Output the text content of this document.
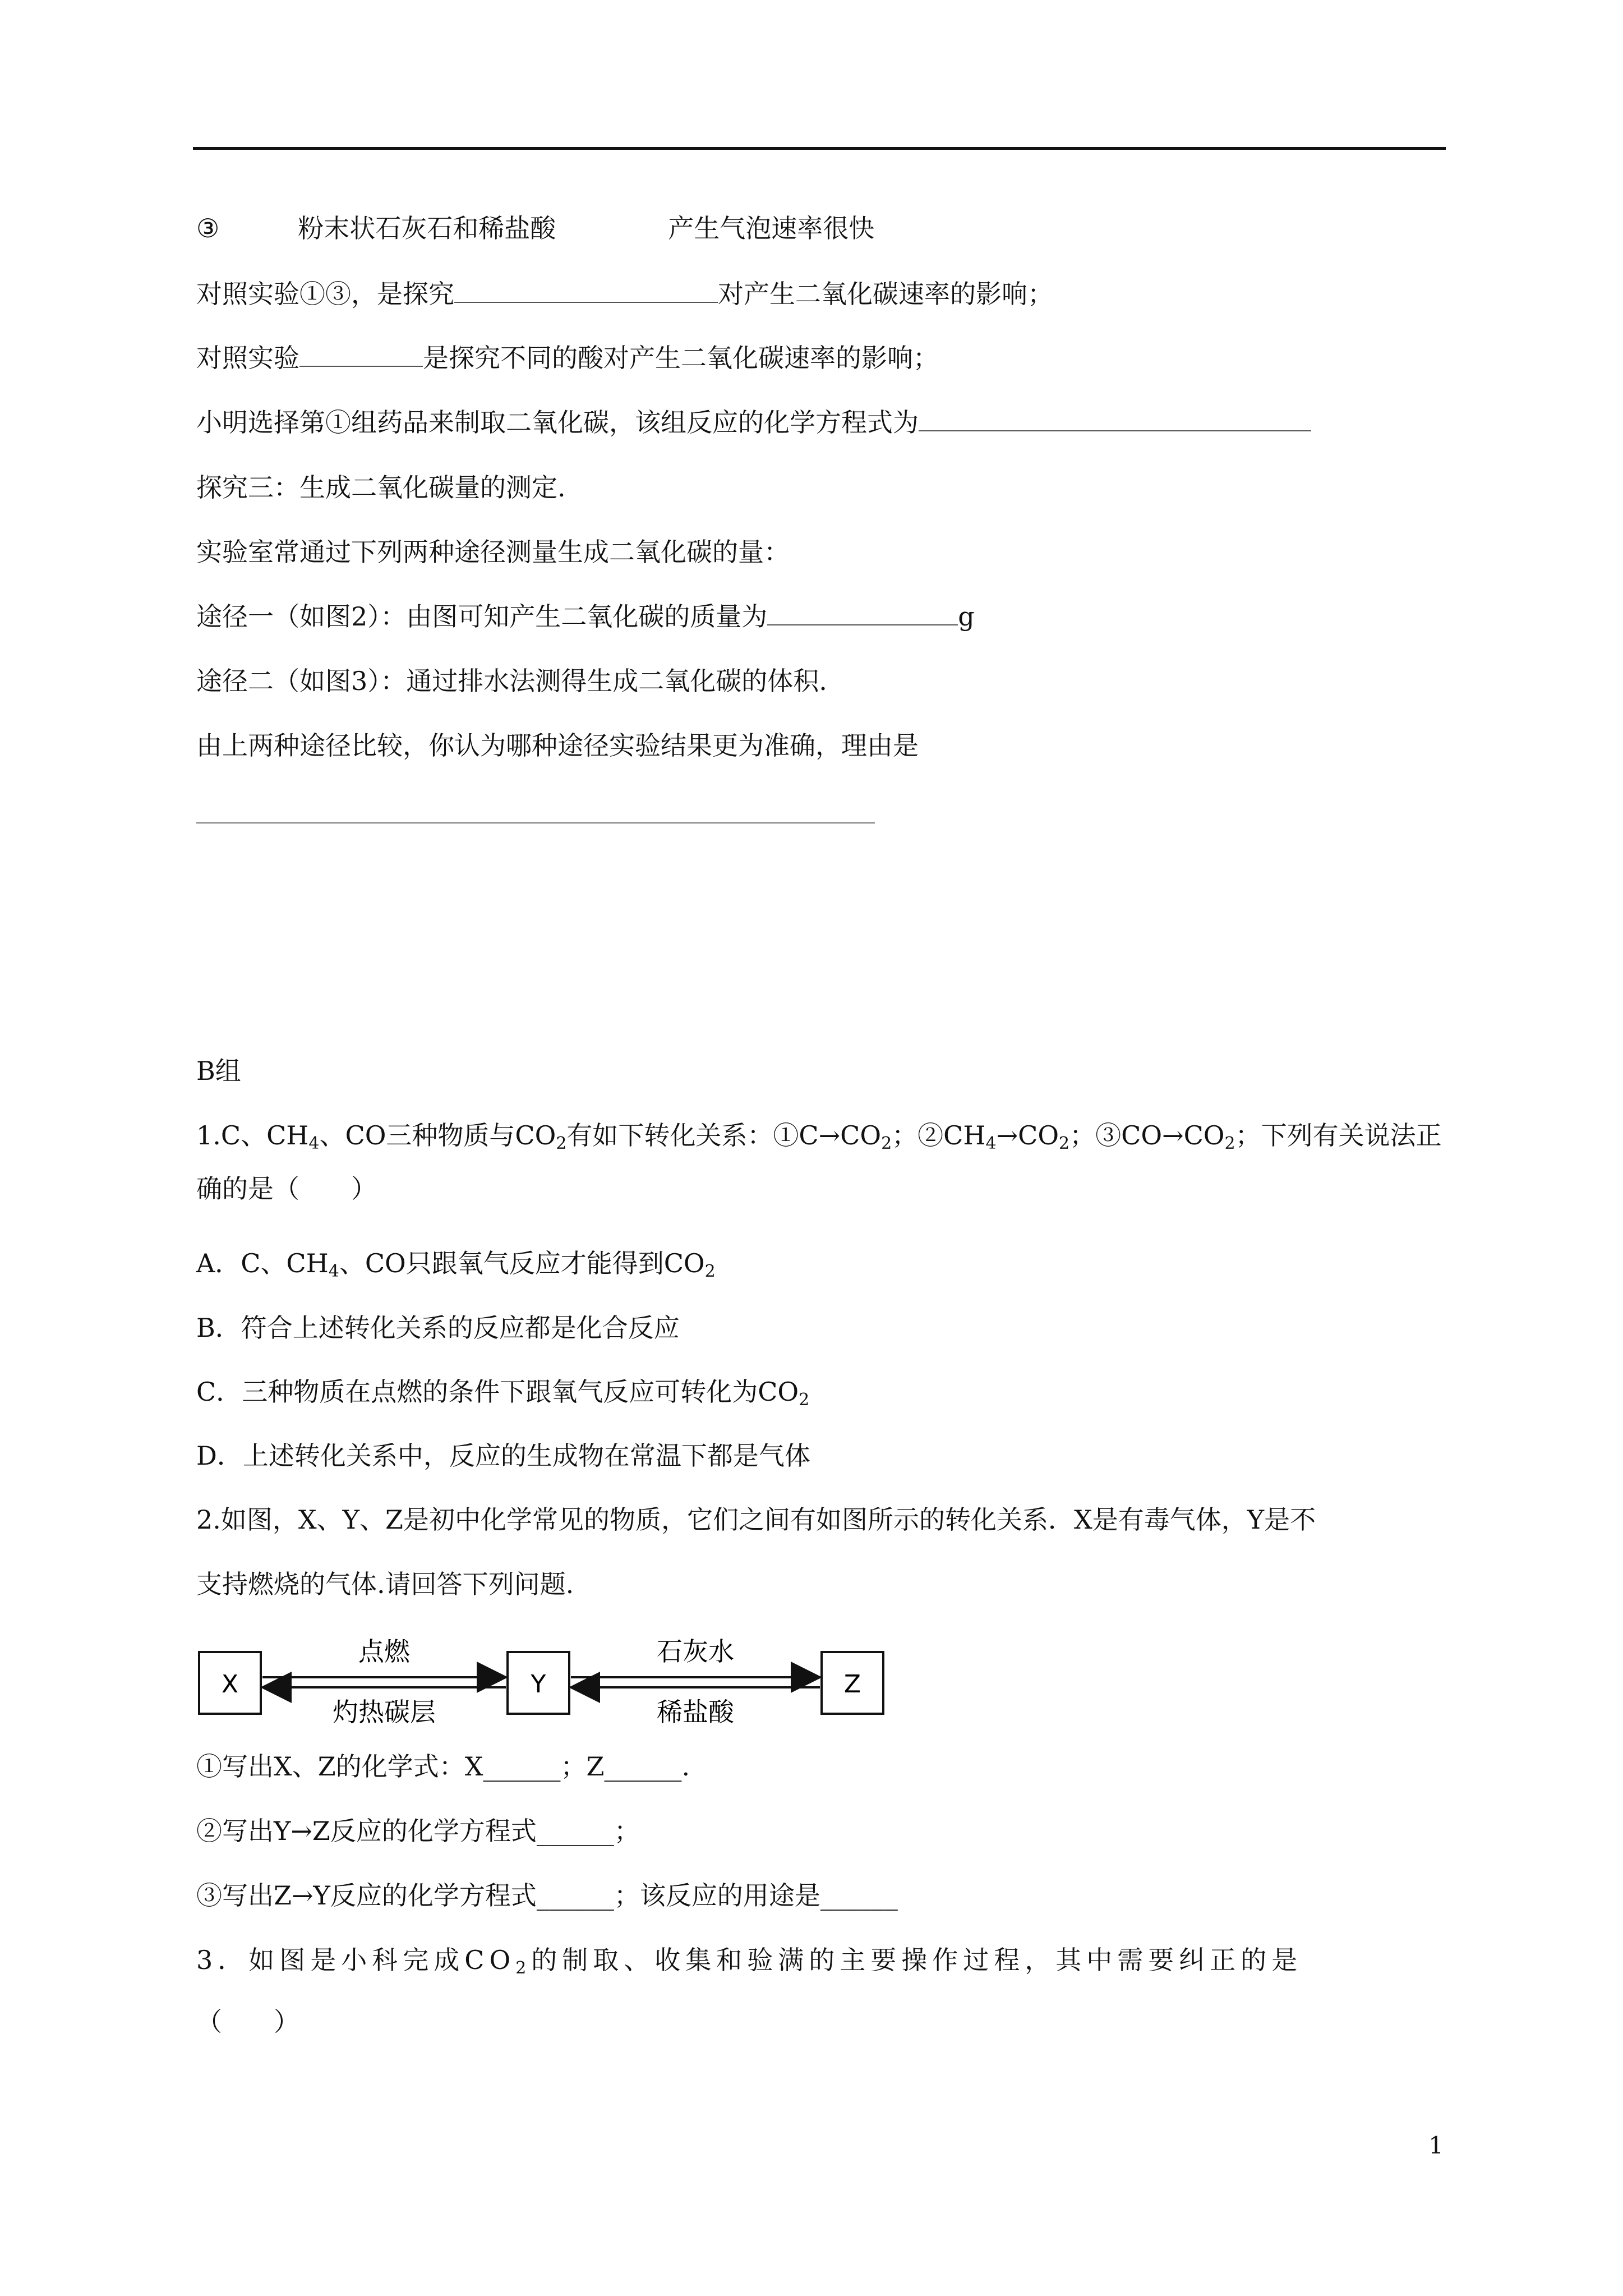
③	粉末状石灰石和稀盐酸	产生气泡速率很快
对照实验①③，是探究	对产生二氧化碳速率的影响；
对照实验	是探究不同的酸对产生二氧化碳速率的影响；
小明选择第①组药品来制取二氧化碳，该组反应的化学方程式为
探究三：生成二氧化碳量的测定.
实验室常通过下列两种途径测量生成二氧化碳的量：
途径一（如图2）：由图可知产生二氧化碳的质量为	g
途径二（如图3）：通过排水法测得生成二氧化碳的体积.
由上两种途径比较，你认为哪种途径实验结果更为准确，理由是
B组
1.C、$CH_4$、CO三种物质与$CO_2$有如下转化关系：$①C\to CO_2$；$②CH_4\to CO_2$；$③CO\to CO_2$；下列有关说法正
确的是（　　）
A．C、$CH_4$、CO只跟氧气反应才能得到$CO_2$
B．符合上述转化关系的反应都是化合反应
C．三种物质在点燃的条件下跟氧气反应可转化为$CO_2$
D．上述转化关系中，反应的生成物在常温下都是气体
2.如图，X、Y、Z是初中化学常见的物质，它们之间有如图所示的转化关系．X是有毒气体，Y是不
支持燃烧的气体.请回答下列问题.
X	Y	Z
点燃
灼热碳层
石灰水
稀盐酸
①写出X、Z的化学式：X______；Z______.
②写出Y→Z反应的化学方程式______；
③写出Z→Y反应的化学方程式______；该反应的用途是______
3．如图是小科完成$CO_2$的制取、收集和验满的主要操作过程，其中需要纠正的是
（　　）
1
